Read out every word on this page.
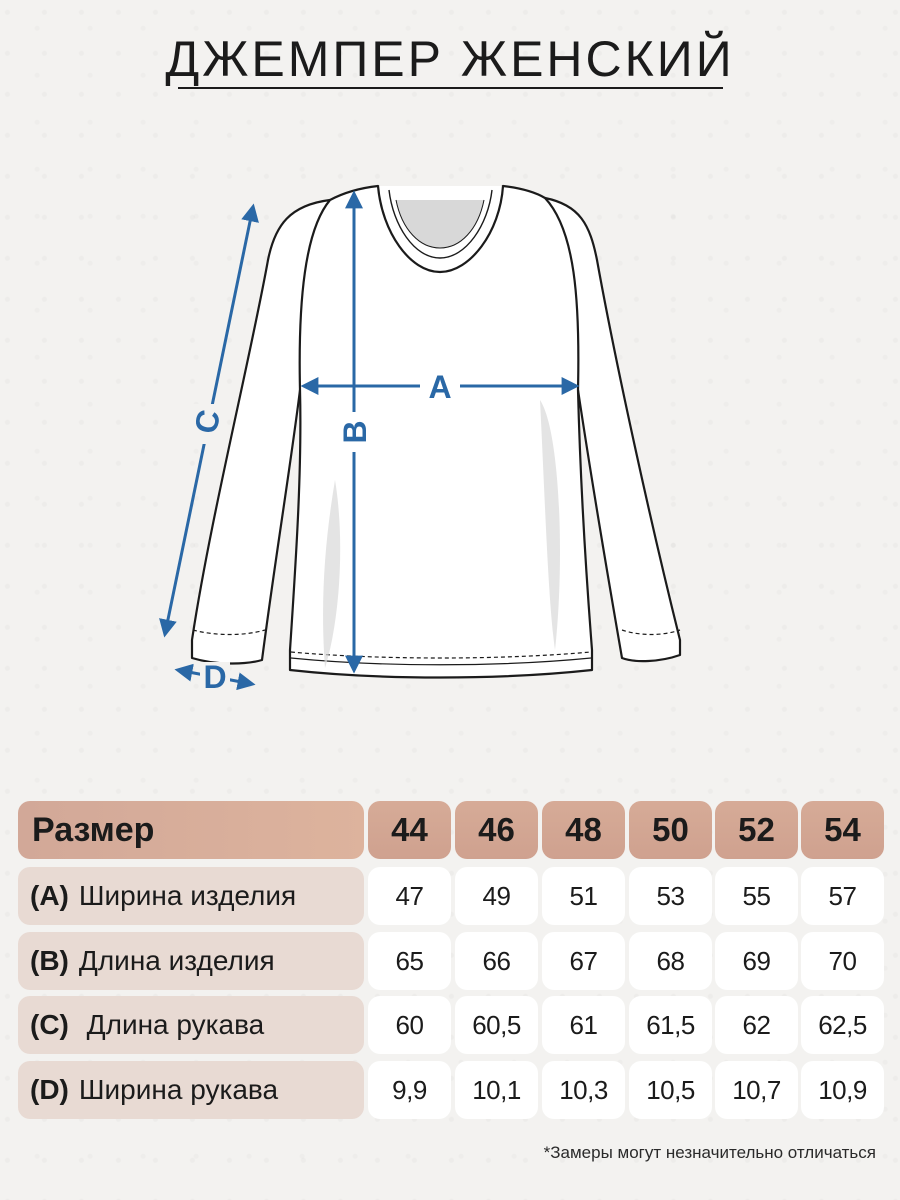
ДЖЕМПЕР ЖЕНСКИЙ
A
B
C
D
Размер	44	46	48	50	52	54
(A) Ширина изделия	47	49	51	53	55	57
(B) Длина изделия	65	66	67	68	69	70
(C) Длина рукава	60	60,5	61	61,5	62	62,5
(D) Ширина рукава	9,9	10,1	10,3	10,5	10,7	10,9
*Замеры могут незначительно отличаться
